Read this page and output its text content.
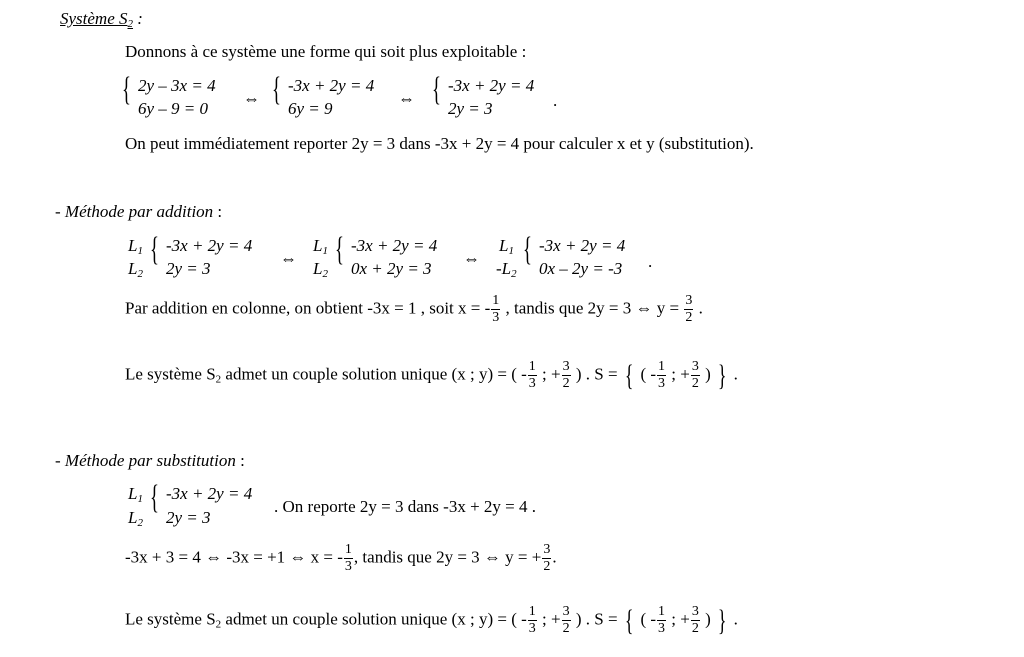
Système $S_2$ :
Donnons à ce système une forme qui soit plus exploitable :
{ 2y – 3x = 4
6y – 9 = 0
⇔ { -3x + 2y = 4
6y = 9
⇔ { -3x + 2y = 4
2y = 3	.
On peut immédiatement reporter 2y = 3 dans -3x + 2y = 4 pour calculer x et y (substitution).
- Méthode par addition :
$L_1$
$L_2$
{ -3x + 2y = 4
2y = 3
⇔
$L_1$
$L_2$
{ -3x + 2y = 4
0x + 2y = 3
⇔
$L_1$
$-L_2$
{ -3x + 2y = 4
0x – 2y = -3 .
Par addition en colonne, on obtient -3x = 1 , soit x = - $\frac{1}{3}$ , tandis que 2y = 3 ⇔ $y = \frac{3}{2}$ .
Le système $S_2$ admet un couple solution unique (x ; y) = ( - $\frac{1}{3}$ ; + $\frac{3}{2}$ ) . S = { ( - $\frac{1}{3}$ ; + $\frac{3}{2}$ ) } .
- Méthode par substitution :
$L_1$
$L_2$
{ -3x + 2y = 4
2y = 3
. On reporte 2y = 3 dans -3x + 2y = 4 .
-3x + 3 = 4 ⇔ -3x = +1 ⇔ x = - $\frac{1}{3}$ , tandis que 2y = 3 ⇔ y = + $\frac{3}{2}$ .
Le système $S_2$ admet un couple solution unique (x ; y) = ( - $\frac{1}{3}$ ; + $\frac{3}{2}$ ) . S = { ( - $\frac{1}{3}$ ; + $\frac{3}{2}$ ) } .
